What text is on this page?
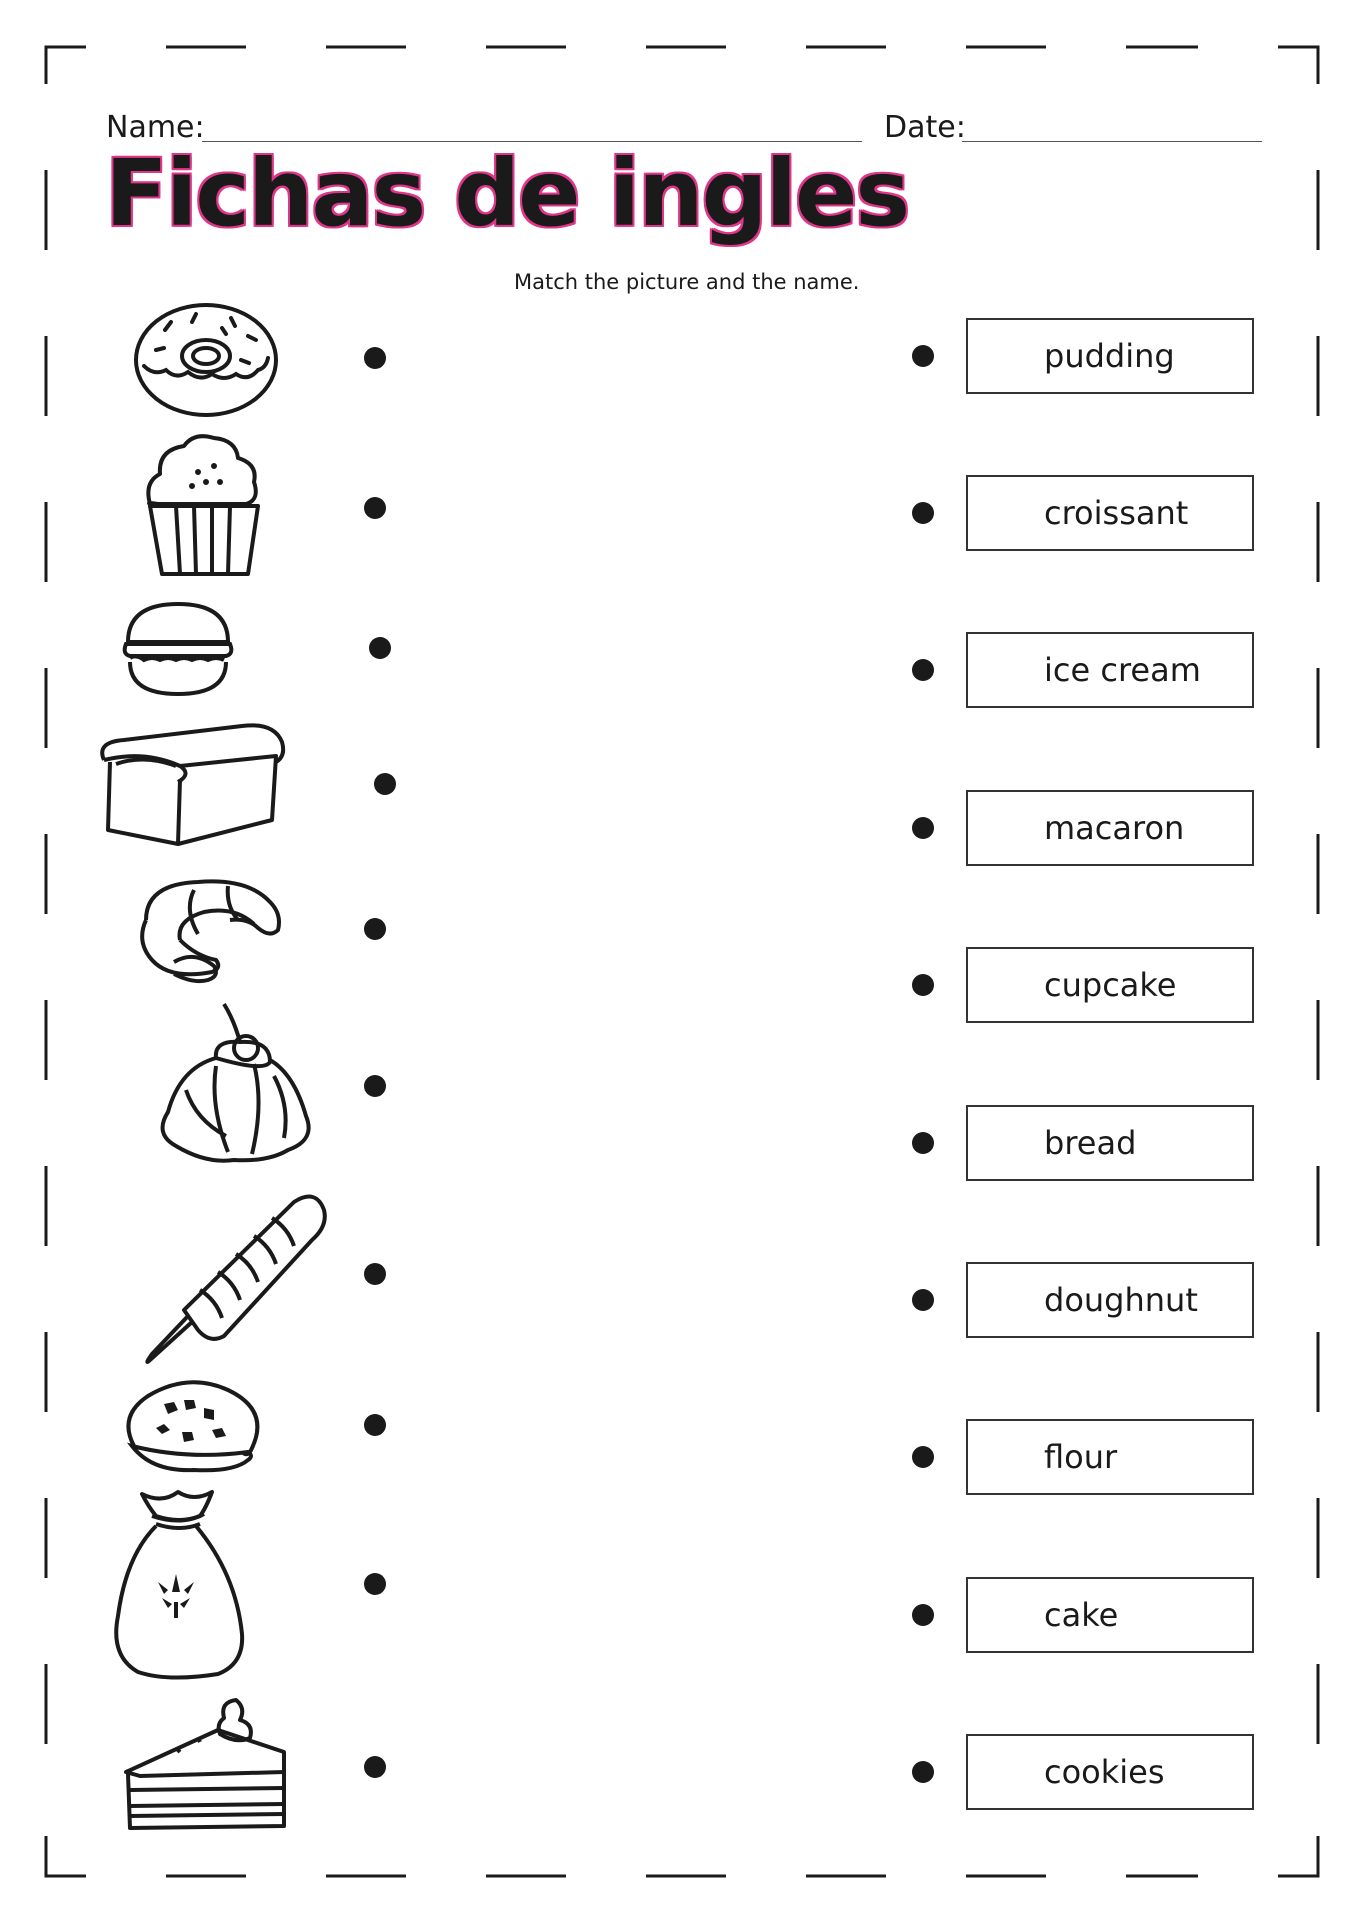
Name:	Date:
Fichas de ingles
Match the picture and the name.
pudding
croissant
ice cream
macaron
cupcake
bread
doughnut
flour
cake
cookies
